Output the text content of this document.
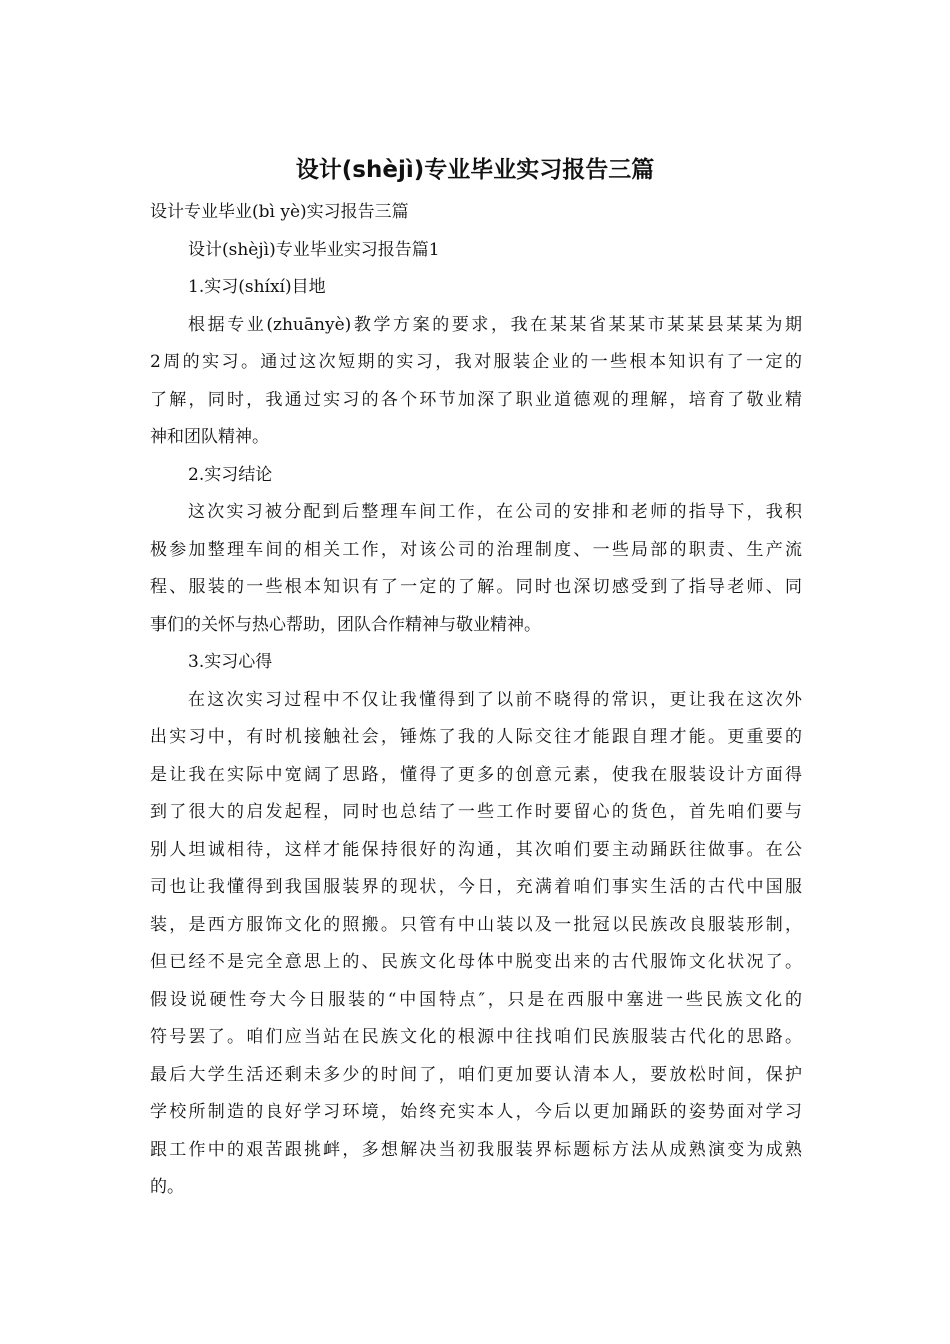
设计(shèjì)专业毕业实习报告三篇

设计专业毕业(bì yè)实习报告三篇

设计(shèjì)专业毕业实习报告篇1

1.实习(shíxí)目地

根据专业(zhuānyè)教学方案的要求，我在某某省某某市某某县某某为期

2周的实习。通过这次短期的实习，我对服装企业的一些根本知识有了一定的

了解，同时，我通过实习的各个环节加深了职业道德观的理解，培育了敬业精

神和团队精神。

2.实习结论

这次实习被分配到后整理车间工作，在公司的安排和老师的指导下，我积

极参加整理车间的相关工作，对该公司的治理制度、一些局部的职责、生产流

程、服装的一些根本知识有了一定的了解。同时也深切感受到了指导老师、同

事们的关怀与热心帮助，团队合作精神与敬业精神。

3.实习心得

在这次实习过程中不仅让我懂得到了以前不晓得的常识，更让我在这次外

出实习中，有时机接触社会，锤炼了我的人际交往才能跟自理才能。更重要的

是让我在实际中宽阔了思路，懂得了更多的创意元素，使我在服装设计方面得

到了很大的启发起程，同时也总结了一些工作时要留心的货色，首先咱们要与

别人坦诚相待，这样才能保持很好的沟通，其次咱们要主动踊跃往做事。在公

司也让我懂得到我国服装界的现状，今日，充满着咱们事实生活的古代中国服

装，是西方服饰文化的照搬。只管有中山装以及一批冠以民族改良服装形制，

但已经不是完全意思上的、民族文化母体中脱变出来的古代服饰文化状况了。

假设说硬性夸大今日服装的“中国特点″，只是在西服中塞进一些民族文化的

符号罢了。咱们应当站在民族文化的根源中往找咱们民族服装古代化的思路。

最后大学生活还剩未多少的时间了，咱们更加要认清本人，要放松时间，保护

学校所制造的良好学习环境，始终充实本人，今后以更加踊跃的姿势面对学习

跟工作中的艰苦跟挑衅，多想解决当初我服装界标题标方法从成熟演变为成熟

的。
